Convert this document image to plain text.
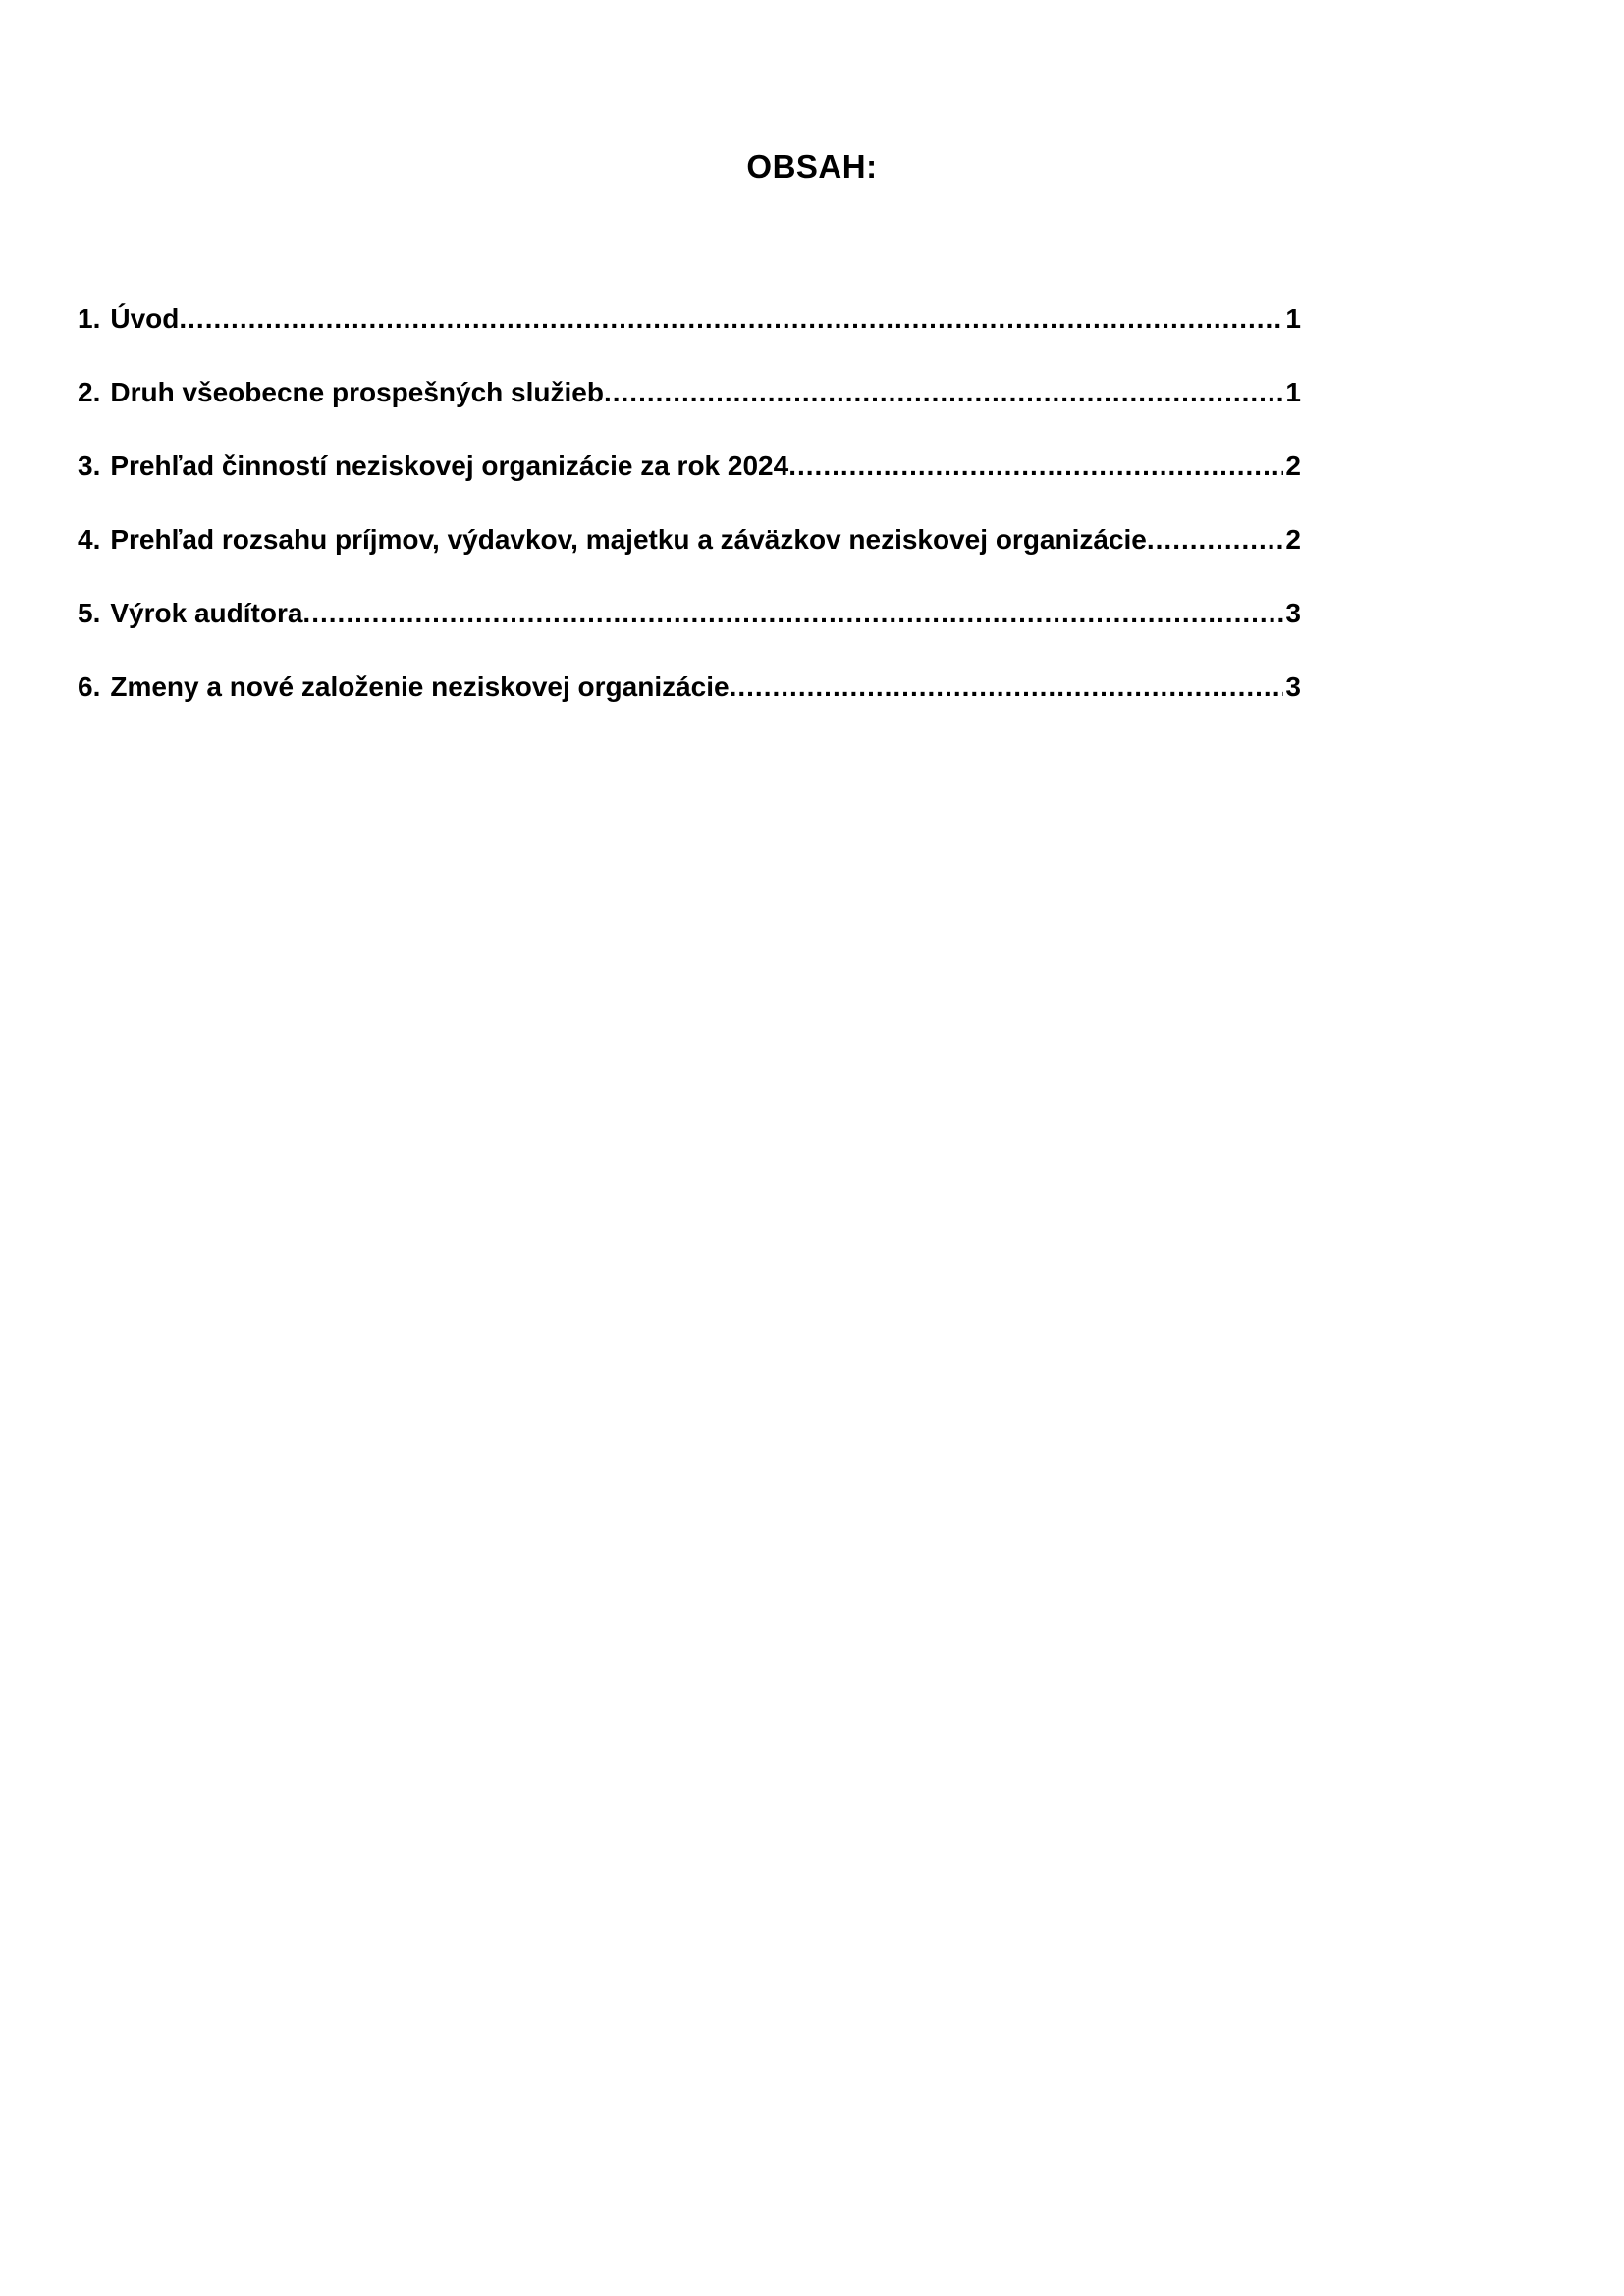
OBSAH:
1. Úvod .....	1
2. Druh všeobecne prospešných služieb .....	1
3. Prehľad činností neziskovej organizácie za rok 2024 .....	2
4. Prehľad rozsahu príjmov, výdavkov, majetku a záväzkov neziskovej organizácie .....	2
5. Výrok audítora .....	3
6. Zmeny a nové založenie neziskovej organizácie .....	3
